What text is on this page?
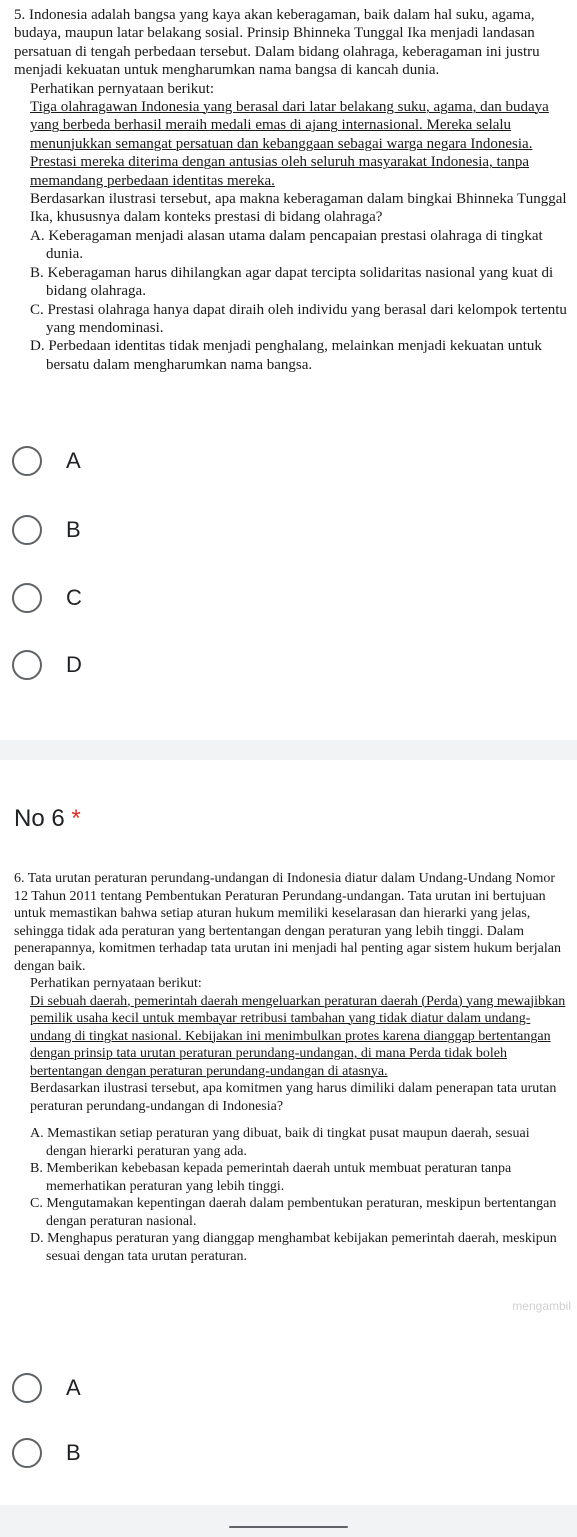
5. Indonesia adalah bangsa yang kaya akan keberagaman, baik dalam hal suku, agama, budaya, maupun latar belakang sosial. Prinsip Bhinneka Tunggal Ika menjadi landasan persatuan di tengah perbedaan tersebut. Dalam bidang olahraga, keberagaman ini justru menjadi kekuatan untuk mengharumkan nama bangsa di kancah dunia.

Perhatikan pernyataan berikut:

Tiga olahragawan Indonesia yang berasal dari latar belakang suku, agama, dan budaya yang berbeda berhasil meraih medali emas di ajang internasional. Mereka selalu menunjukkan semangat persatuan dan kebanggaan sebagai warga negara Indonesia. Prestasi mereka diterima dengan antusias oleh seluruh masyarakat Indonesia, tanpa memandang perbedaan identitas mereka.

Berdasarkan ilustrasi tersebut, apa makna keberagaman dalam bingkai Bhinneka Tunggal Ika, khususnya dalam konteks prestasi di bidang olahraga?

A. Keberagaman menjadi alasan utama dalam pencapaian prestasi olahraga di tingkat dunia.

B. Keberagaman harus dihilangkan agar dapat tercipta solidaritas nasional yang kuat di bidang olahraga.

C. Prestasi olahraga hanya dapat diraih oleh individu yang berasal dari kelompok tertentu yang mendominasi.

D. Perbedaan identitas tidak menjadi penghalang, melainkan menjadi kekuatan untuk bersatu dalam mengharumkan nama bangsa.

A
B
C
D
No 6 *

6. Tata urutan peraturan perundang-undangan di Indonesia diatur dalam Undang-Undang Nomor 12 Tahun 2011 tentang Pembentukan Peraturan Perundang-undangan. Tata urutan ini bertujuan untuk memastikan bahwa setiap aturan hukum memiliki keselarasan dan hierarki yang jelas, sehingga tidak ada peraturan yang bertentangan dengan peraturan yang lebih tinggi. Dalam penerapannya, komitmen terhadap tata urutan ini menjadi hal penting agar sistem hukum berjalan dengan baik.

Perhatikan pernyataan berikut:

Di sebuah daerah, pemerintah daerah mengeluarkan peraturan daerah (Perda) yang mewajibkan pemilik usaha kecil untuk membayar retribusi tambahan yang tidak diatur dalam undang-undang di tingkat nasional. Kebijakan ini menimbulkan protes karena dianggap bertentangan dengan prinsip tata urutan peraturan perundang-undangan, di mana Perda tidak boleh bertentangan dengan peraturan perundang-undangan di atasnya.

Berdasarkan ilustrasi tersebut, apa komitmen yang harus dimiliki dalam penerapan tata urutan peraturan perundang-undangan di Indonesia?

A. Memastikan setiap peraturan yang dibuat, baik di tingkat pusat maupun daerah, sesuai dengan hierarki peraturan yang ada.

B. Memberikan kebebasan kepada pemerintah daerah untuk membuat peraturan tanpa memerhatikan peraturan yang lebih tinggi.

C. Mengutamakan kepentingan daerah dalam pembentukan peraturan, meskipun bertentangan dengan peraturan nasional.

D. Menghapus peraturan yang dianggap menghambat kebijakan pemerintah daerah, meskipun sesuai dengan tata urutan peraturan.

mengambil
A
B
